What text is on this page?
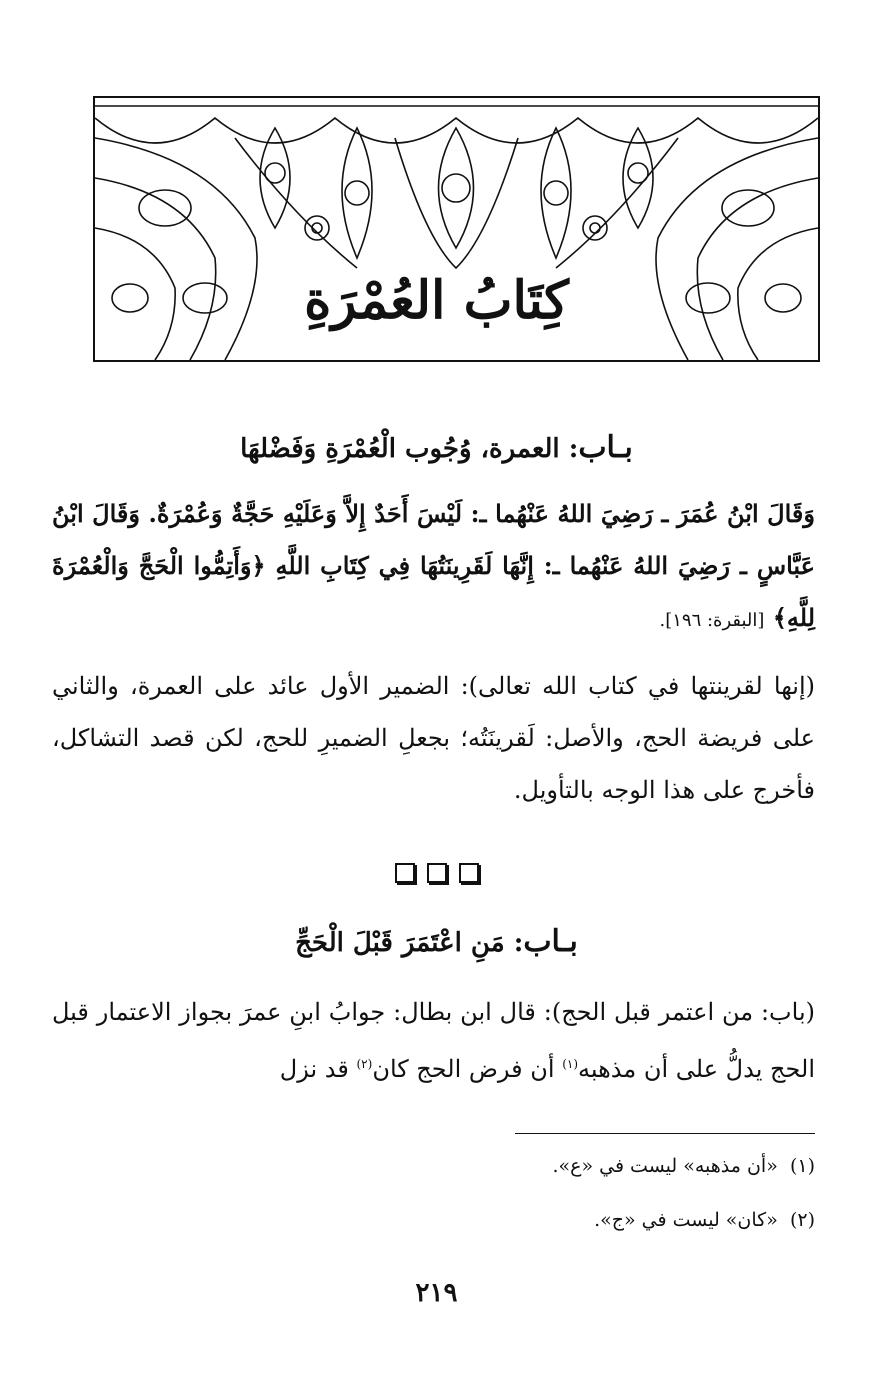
كِتَابُ العُمْرَةِ
بـاب: العمرة، وُجُوب الْعُمْرَةِ وَفَضْلهَا
وَقَالَ ابْنُ عُمَرَ ـ رَضِيَ اللهُ عَنْهُما ـ: لَيْسَ أَحَدٌ إِلاَّ وَعَلَيْهِ حَجَّةٌ وَعُمْرَةٌ. وَقَالَ ابْنُ عَبَّاسٍ ـ رَضِيَ اللهُ عَنْهُما ـ: إِنَّهَا لَقَرِينَتُهَا فِي كِتَابِ اللَّهِ ﴿وَأَتِمُّوا الْحَجَّ وَالْعُمْرَةَ لِلَّهِ﴾ [البقرة: ١٩٦].
(إنها لقرينتها في كتاب الله تعالى): الضمير الأول عائد على العمرة، والثاني على فريضة الحج، والأصل: لَقرينَتُه؛ بجعلِ الضميرِ للحج، لكن قصد التشاكل، فأخرج على هذا الوجه بالتأويل.
بـاب: مَنِ اعْتَمَرَ قَبْلَ الْحَجِّ
(باب: من اعتمر قبل الحج): قال ابن بطال: جوابُ ابنِ عمرَ بجواز الاعتمار قبل الحج يدلُّ على أن مذهبه$^{(١)}$ أن فرض الحج كان$^{(٢)}$ قد نزل
(١)  «أن مذهبه» ليست في «ع».
(٢)  «كان» ليست في «ج».
٢١٩
